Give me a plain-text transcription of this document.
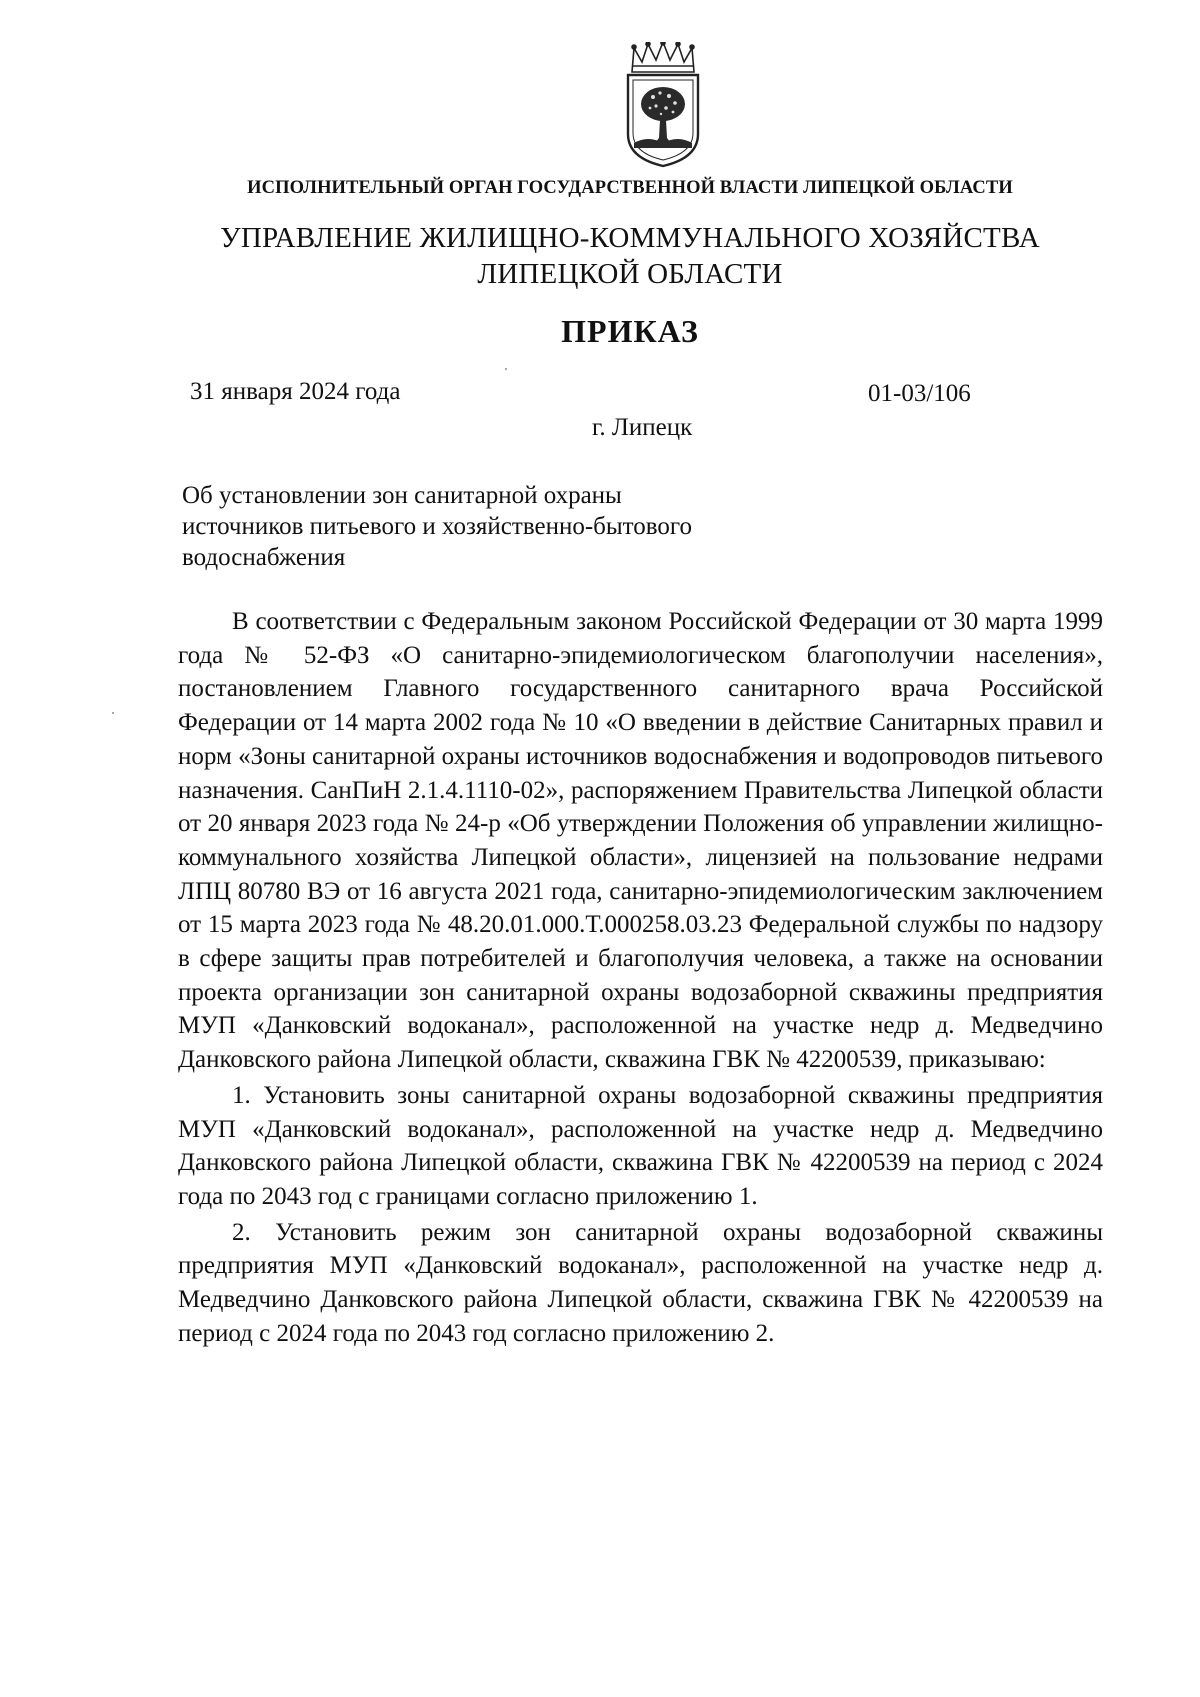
ИСПОЛНИТЕЛЬНЫЙ ОРГАН ГОСУДАРСТВЕННОЙ ВЛАСТИ ЛИПЕЦКОЙ ОБЛАСТИ
УПРАВЛЕНИЕ ЖИЛИЩНО-КОММУНАЛЬНОГО ХОЗЯЙСТВА
ЛИПЕЦКОЙ ОБЛАСТИ
ПРИКАЗ
31 января 2024 года	01-03/106
г. Липецк
Об установлении зон санитарной охраны
источников питьевого и хозяйственно-бытового
водоснабжения

В соответствии с Федеральным законом Российской Федерации от 30 марта 1999 года № 52-ФЗ «О санитарно-эпидемиологическом благополучии населения», постановлением Главного государственного санитарного врача Российской Федерации от 14 марта 2002 года № 10 «О введении в действие Санитарных правил и норм «Зоны санитарной охраны источников водоснабжения и водопроводов питьевого назначения. СанПиН 2.1.4.1110-02», распоряжением Правительства Липецкой области от 20 января 2023 года № 24-р «Об утверждении Положения об управлении жилищно-коммунального хозяйства Липецкой области», лицензией на пользование недрами ЛПЦ 80780 ВЭ от 16 августа 2021 года, санитарно-эпидемиологическим заключением от 15 марта 2023 года № 48.20.01.000.Т.000258.03.23 Федеральной службы по надзору в сфере защиты прав потребителей и благополучия человека, а также на основании проекта организации зон санитарной охраны водозаборной скважины предприятия МУП «Данковский водоканал», расположенной на участке недр д. Медведчино Данковского района Липецкой области, скважина ГВК № 42200539, приказываю:

1. Установить зоны санитарной охраны водозаборной скважины предприятия МУП «Данковский водоканал», расположенной на участке недр д. Медведчино Данковского района Липецкой области, скважина ГВК № 42200539 на период с 2024 года по 2043 год с границами согласно приложению 1.

2. Установить режим зон санитарной охраны водозаборной скважины предприятия МУП «Данковский водоканал», расположенной на участке недр д. Медведчино Данковского района Липецкой области, скважина ГВК № 42200539 на период с 2024 года по 2043 год согласно приложению 2.
